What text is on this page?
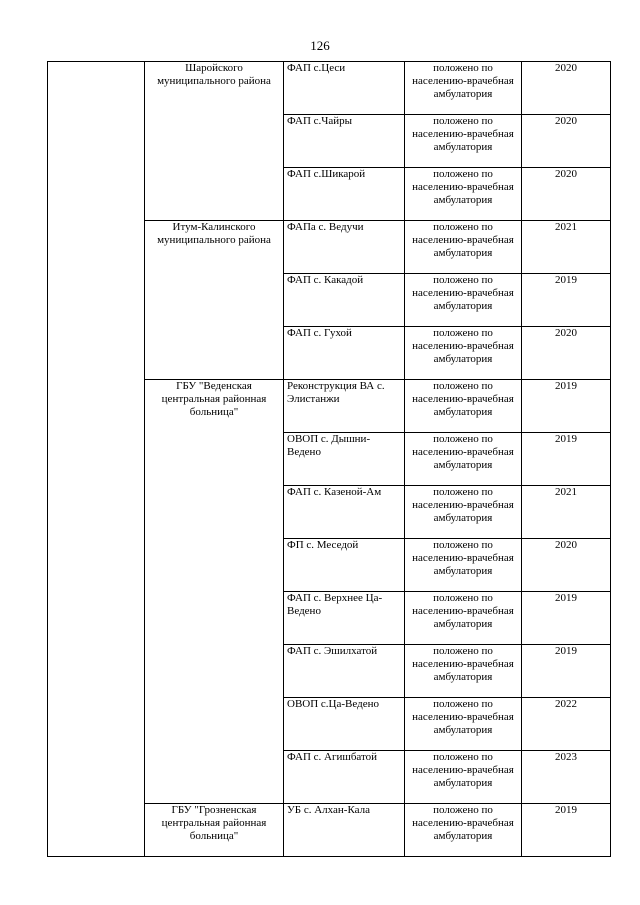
126
	Шаройского муниципального района	ФАП с.Цеси	положено по населению-врачебная амбулатория	2020
		ФАП с.Чайры	положено по населению-врачебная амбулатория	2020
		ФАП с.Шикарой	положено по населению-врачебная амбулатория	2020
	Итум-Калинского муниципального района	ФАПа с. Ведучи	положено по населению-врачебная амбулатория	2021
		ФАП с. Какадой	положено по населению-врачебная амбулатория	2019
		ФАП с. Гухой	положено по населению-врачебная амбулатория	2020
	ГБУ "Веденская центральная районная больница"	Реконструкция ВА с. Элистанжи	положено по населению-врачебная амбулатория	2019
		ОВОП с. Дышни-Ведено	положено по населению-врачебная амбулатория	2019
		ФАП с. Казеной-Ам	положено по населению-врачебная амбулатория	2021
		ФП с. Меседой	положено по населению-врачебная амбулатория	2020
		ФАП с. Верхнее Ца-Ведено	положено по населению-врачебная амбулатория	2019
		ФАП с. Эшилхатой	положено по населению-врачебная амбулатория	2019
		ОВОП с.Ца-Ведено	положено по населению-врачебная амбулатория	2022
		ФАП с. Агишбатой	положено по населению-врачебная амбулатория	2023
	ГБУ "Грозненская центральная районная больница"	УБ с. Алхан-Кала	положено по населению-врачебная амбулатория	2019
